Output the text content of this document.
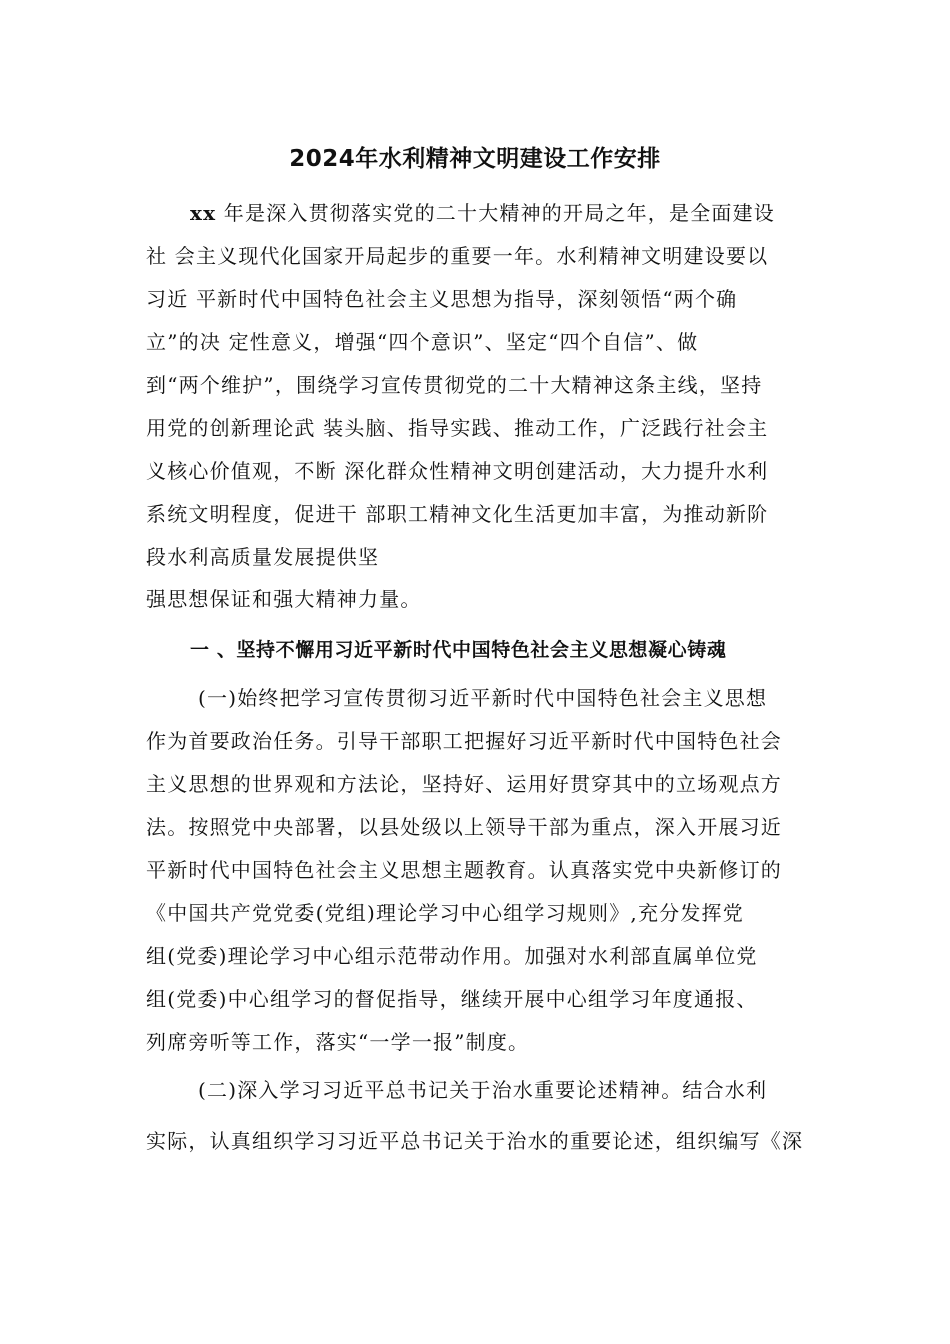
2024年水利精神文明建设工作安排
xx 年是深入贯彻落实党的二十大精神的开局之年，是全面建设
社 会主义现代化国家开局起步的重要一年。水利精神文明建设要以
习近 平新时代中国特色社会主义思想为指导，深刻领悟“两个确
立”的决 定性意义，增强“四个意识”、坚定“四个自信”、做
到“两个维护”，围绕学习宣传贯彻党的二十大精神这条主线，坚持
用党的创新理论武 装头脑、指导实践、推动工作，广泛践行社会主
义核心价值观，不断 深化群众性精神文明创建活动，大力提升水利
系统文明程度，促进干 部职工精神文化生活更加丰富，为推动新阶
段水利高质量发展提供坚
强思想保证和强大精神力量。
一 、坚持不懈用习近平新时代中国特色社会主义思想凝心铸魂
(一)始终把学习宣传贯彻习近平新时代中国特色社会主义思想
作为首要政治任务。引导干部职工把握好习近平新时代中国特色社会
主义思想的世界观和方法论，坚持好、运用好贯穿其中的立场观点方
法。按照党中央部署，以县处级以上领导干部为重点，深入开展习近
平新时代中国特色社会主义思想主题教育。认真落实党中央新修订的
《中国共产党党委(党组)理论学习中心组学习规则》,充分发挥党
组(党委)理论学习中心组示范带动作用。加强对水利部直属单位党
组(党委)中心组学习的督促指导，继续开展中心组学习年度通报、
列席旁听等工作，落实“一学一报”制度。
(二)深入学习习近平总书记关于治水重要论述精神。结合水利
实际，认真组织学习习近平总书记关于治水的重要论述，组织编写《深
